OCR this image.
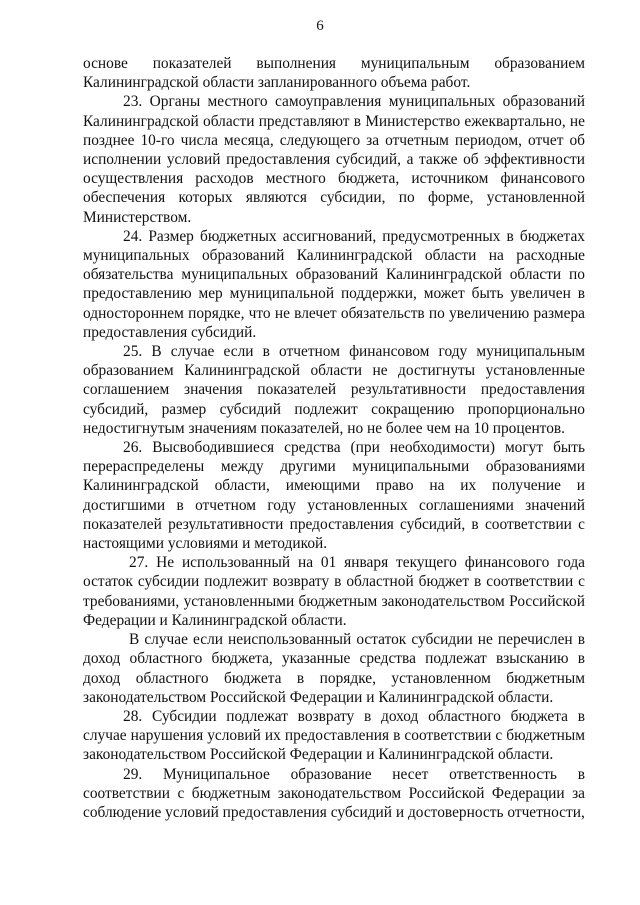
6

основе показателей выполнения муниципальным образованием Калининградской области запланированного объема работ.

23. Органы местного самоуправления муниципальных образований Калининградской области представляют в Министерство ежеквартально, не позднее 10-го числа месяца, следующего за отчетным периодом, отчет об исполнении условий предоставления субсидий, а также об эффективности осуществления расходов местного бюджета, источником финансового обеспечения которых являются субсидии, по форме, установленной Министерством.

24. Размер бюджетных ассигнований, предусмотренных в бюджетах муниципальных образований Калининградской области на расходные обязательства муниципальных образований Калининградской области по предоставлению мер муниципальной поддержки, может быть увеличен в одностороннем порядке, что не влечет обязательств по увеличению размера предоставления субсидий.

25. В случае если в отчетном финансовом году муниципальным образованием Калининградской области не достигнуты установленные соглашением значения показателей результативности предоставления субсидий, размер субсидий подлежит сокращению пропорционально недостигнутым значениям показателей, но не более чем на 10 процентов.

26. Высвободившиеся средства (при необходимости) могут быть перераспределены между другими муниципальными образованиями Калининградской области, имеющими право на их получение и достигшими в отчетном году установленных соглашениями значений показателей результативности предоставления субсидий, в соответствии с настоящими условиями и методикой.

27. Не использованный на 01 января текущего финансового года остаток субсидии подлежит возврату в областной бюджет в соответствии с требованиями, установленными бюджетным законодательством Российской Федерации и Калининградской области.

В случае если неиспользованный остаток субсидии не перечислен в доход областного бюджета, указанные средства подлежат взысканию в доход областного бюджета в порядке, установленном бюджетным законодательством Российской Федерации и Калининградской области.

28. Субсидии подлежат возврату в доход областного бюджета в случае нарушения условий их предоставления в соответствии с бюджетным законодательством Российской Федерации и Калининградской области.

29. Муниципальное образование несет ответственность в соответствии с бюджетным законодательством Российской Федерации за соблюдение условий предоставления субсидий и достоверность отчетности,
